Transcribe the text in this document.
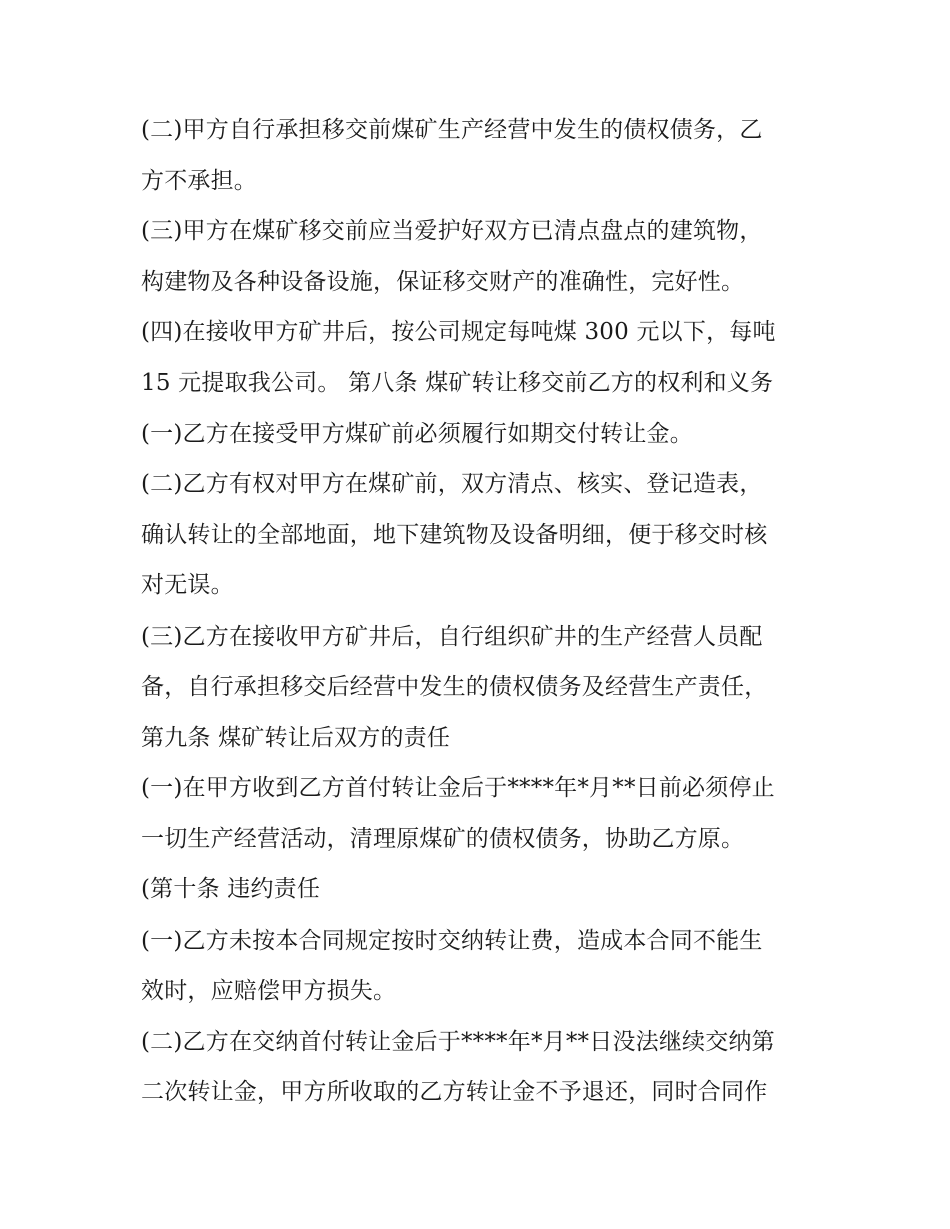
(二)甲方自行承担移交前煤矿生产经营中发生的债权债务，乙
方不承担。
(三)甲方在煤矿移交前应当爱护好双方已清点盘点的建筑物，
构建物及各种设备设施，保证移交财产的准确性，完好性。
(四)在接收甲方矿井后，按公司规定每吨煤 300 元以下，每吨
15 元提取我公司。 第八条 煤矿转让移交前乙方的权利和义务
(一)乙方在接受甲方煤矿前必须履行如期交付转让金。
(二)乙方有权对甲方在煤矿前，双方清点、核实、登记造表，
确认转让的全部地面，地下建筑物及设备明细，便于移交时核
对无误。
(三)乙方在接收甲方矿井后，自行组织矿井的生产经营人员配
备，自行承担移交后经营中发生的债权债务及经营生产责任，
第九条 煤矿转让后双方的责任
(一)在甲方收到乙方首付转让金后于****年*月**日前必须停止
一切生产经营活动，清理原煤矿的债权债务，协助乙方原。
(第十条 违约责任
(一)乙方未按本合同规定按时交纳转让费，造成本合同不能生
效时，应赔偿甲方损失。
(二)乙方在交纳首付转让金后于****年*月**日没法继续交纳第
二次转让金，甲方所收取的乙方转让金不予退还，同时合同作
